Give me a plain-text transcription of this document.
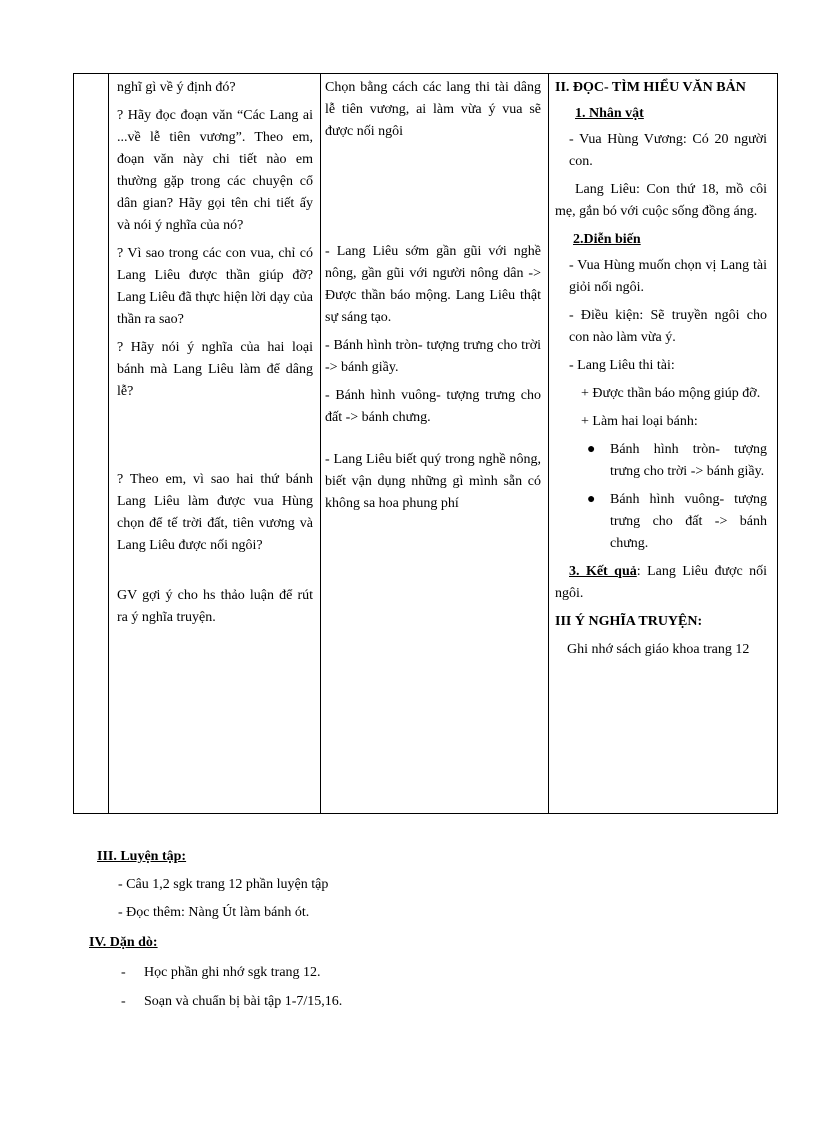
nghĩ gì về ý định đó?

? Hãy đọc đoạn văn “Các Lang ai ...về lễ tiên vương”. Theo em, đoạn văn này chi tiết nào em thường gặp trong các chuyện cổ dân gian? Hãy gọi tên chi tiết ấy và nói ý nghĩa của nó?

? Vì sao trong các con vua, chỉ có Lang Liêu được thần giúp đỡ? Lang Liêu đã thực hiện lời dạy của thần ra sao?

? Hãy nói ý nghĩa của hai loại bánh mà Lang Liêu làm để dâng lễ?

? Theo em, vì sao hai thứ bánh Lang Liêu làm được vua Hùng chọn để tế trời đất, tiên vương và Lang Liêu được nối ngôi?

GV gợi ý cho hs thảo luận để rút ra ý nghĩa truyện.

Chọn bằng cách các lang thi tài dâng lễ tiên vương, ai làm vừa ý vua sẽ được nối ngôi

- Lang Liêu sớm gần gũi với nghề nông, gần gũi với người nông dân -> Được thần báo mộng. Lang Liêu thật sự sáng tạo.

- Bánh hình tròn- tượng trưng cho trời -> bánh giầy.

- Bánh hình vuông- tượng trưng cho đất -> bánh chưng.

- Lang Liêu biết quý trong nghề nông, biết vận dụng những gì mình sẵn có không sa hoa phung phí

II. ĐỌC- TÌM HIỂU VĂN BẢN

1. Nhân vật

- Vua Hùng Vương: Có 20 người con.

Lang Liêu: Con thứ 18, mồ côi mẹ, gắn bó với cuộc sống đồng áng.

2.Diễn biến

- Vua Hùng muốn chọn vị Lang tài giỏi nối ngôi.

- Điều kiện: Sẽ truyền ngôi cho con nào làm vừa ý.

- Lang Liêu thi tài:

+ Được thần báo mộng giúp đỡ.

+ Làm hai loại bánh:

● Bánh hình tròn- tượng trưng cho trời -> bánh giầy.
● Bánh hình vuông- tượng trưng cho đất -> bánh chưng.

3. Kết quả: Lang Liêu được nối ngôi.

III Ý NGHĨA TRUYỆN:

Ghi nhớ sách giáo khoa trang 12

III. Luyện tập:
- Câu 1,2 sgk trang 12 phần luyện tập
- Đọc thêm: Nàng Út làm bánh ót.
IV. Dặn dò:
- Học phần ghi nhớ sgk trang 12.
- Soạn và chuẩn bị bài tập 1-7/15,16.
